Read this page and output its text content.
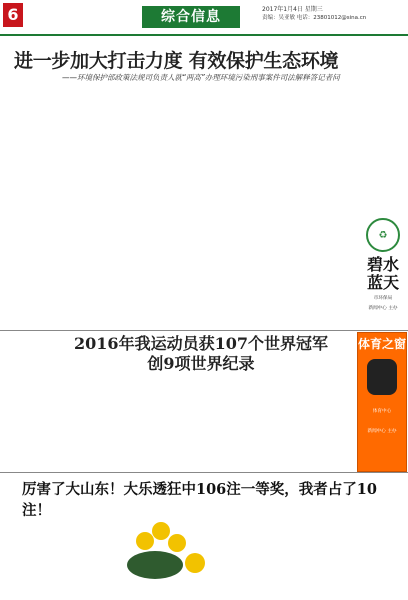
6	综合信息	2017年1月4日 星期三
责编：吴亚敏 电话：23801012@sina.cn
进一步加大打击力度 有效保护生态环境
——环境保护部政策法规司负责人就“两高”办理环境污染刑事案件司法解释答记者问
♻
碧水蓝天
市环保局
新闻中心 主办
2016年我运动员获107个世界冠军
创9项世界纪录
体育之窗
体育中心
新闻中心 主办
厉害了大山东！大乐透狂中106注一等奖，我者占了10注！
